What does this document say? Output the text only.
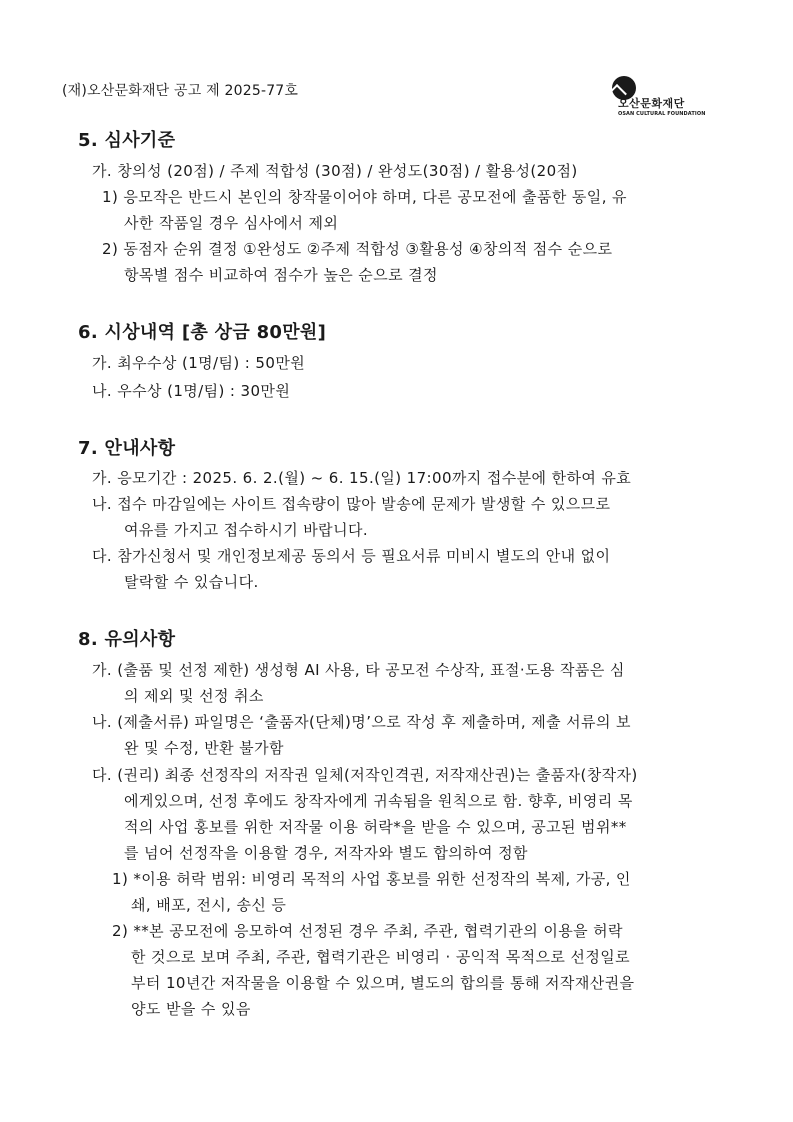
(재)오산문화재단 공고 제 2025-77호
오산문화재단
OSAN CULTURAL FOUNDATION
5. 심사기준
가. 창의성 (20점) / 주제 적합성 (30점) / 완성도(30점) / 활용성(20점)
1) 응모작은 반드시 본인의 창작물이어야 하며, 다른 공모전에 출품한 동일, 유
사한 작품일 경우 심사에서 제외
2) 동점자 순위 결정 ①완성도 ②주제 적합성 ③활용성 ④창의적 점수 순으로
항목별 점수 비교하여 점수가 높은 순으로 결정
6. 시상내역 [총 상금 80만원]
가. 최우수상 (1명/팀) : 50만원
나. 우수상 (1명/팀) : 30만원
7. 안내사항
가. 응모기간 : 2025. 6. 2.(월) ~ 6. 15.(일) 17:00까지 접수분에 한하여 유효
나. 접수 마감일에는 사이트 접속량이 많아 발송에 문제가 발생할 수 있으므로
여유를 가지고 접수하시기 바랍니다.
다. 참가신청서 및 개인정보제공 동의서 등 필요서류 미비시 별도의 안내 없이
탈락할 수 있습니다.
8. 유의사항
가. (출품 및 선정 제한) 생성형 AI 사용, 타 공모전 수상작, 표절·도용 작품은 심
의 제외 및 선정 취소
나. (제출서류) 파일명은 ‘출품자(단체)명’으로 작성 후 제출하며, 제출 서류의 보
완 및 수정, 반환 불가함
다. (권리) 최종 선정작의 저작권 일체(저작인격권, 저작재산권)는 출품자(창작자)
에게있으며, 선정 후에도 창작자에게 귀속됨을 원칙으로 함. 향후, 비영리 목
적의 사업 홍보를 위한 저작물 이용 허락*을 받을 수 있으며, 공고된 범위**
를 넘어 선정작을 이용할 경우, 저작자와 별도 합의하여 정함
1) *이용 허락 범위: 비영리 목적의 사업 홍보를 위한 선정작의 복제, 가공, 인
쇄, 배포, 전시, 송신 등
2) **본 공모전에 응모하여 선정된 경우 주최, 주관, 협력기관의 이용을 허락
한 것으로 보며 주최, 주관, 협력기관은 비영리 · 공익적 목적으로 선정일로
부터 10년간 저작물을 이용할 수 있으며, 별도의 합의를 통해 저작재산권을
양도 받을 수 있음
